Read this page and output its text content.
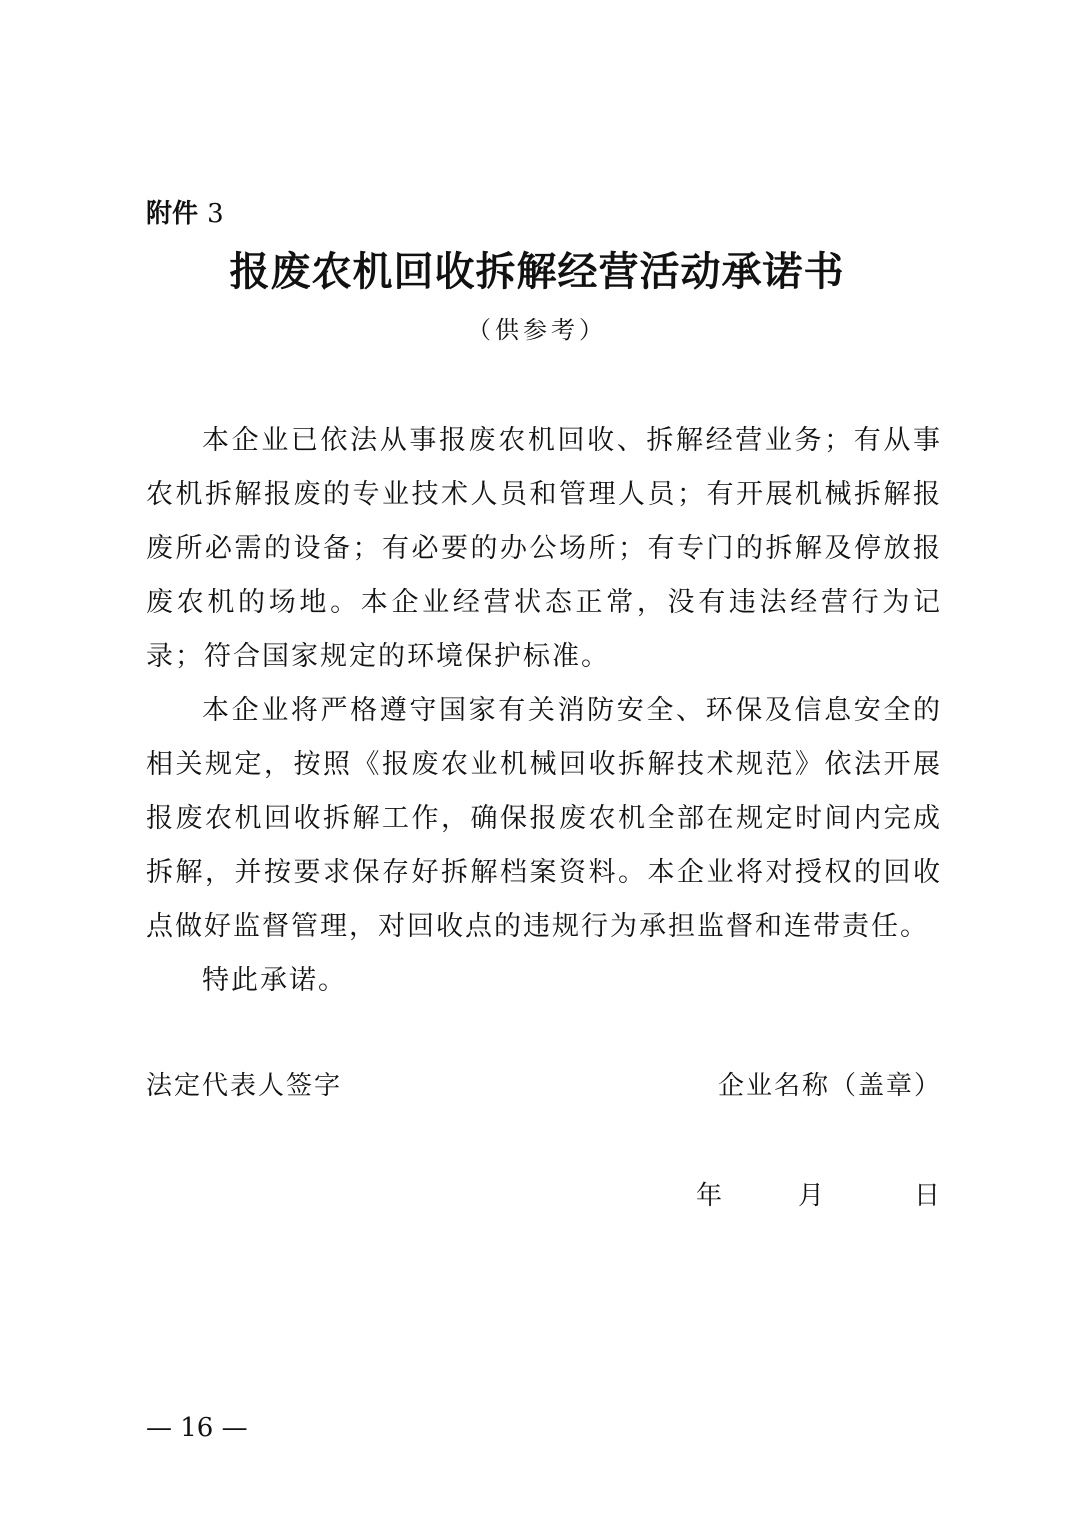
附件 3
报废农机回收拆解经营活动承诺书
（供参考）

本企业已依法从事报废农机回收、拆解经营业务；有从事农机拆解报废的专业技术人员和管理人员；有开展机械拆解报废所必需的设备；有必要的办公场所；有专门的拆解及停放报废农机的场地。本企业经营状态正常，没有违法经营行为记录；符合国家规定的环境保护标准。

本企业将严格遵守国家有关消防安全、环保及信息安全的相关规定，按照《报废农业机械回收拆解技术规范》依法开展报废农机回收拆解工作，确保报废农机全部在规定时间内完成拆解，并按要求保存好拆解档案资料。本企业将对授权的回收点做好监督管理，对回收点的违规行为承担监督和连带责任。

特此承诺。

法定代表人签字	企业名称（盖章）
年	月	日
— 16 —
